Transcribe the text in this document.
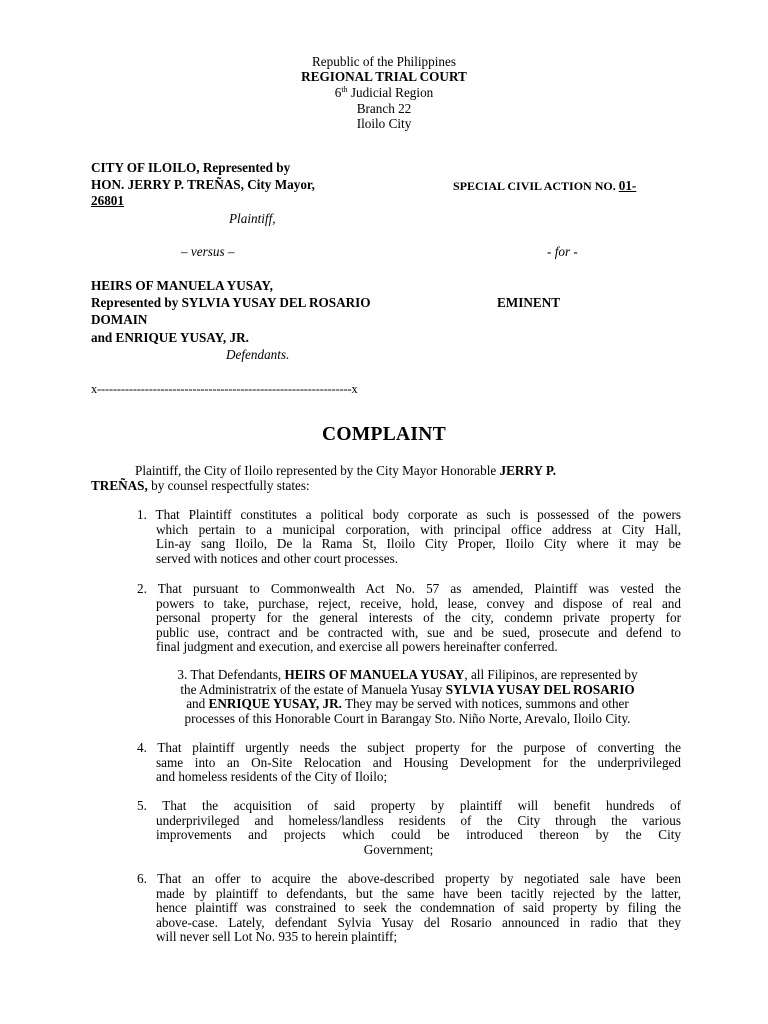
Republic of the Philippines
REGIONAL TRIAL COURT
6th Judicial Region
Branch 22
Iloilo City
CITY OF ILOILO, Represented by
HON. JERRY P. TREÑAS, City Mayor,	SPECIAL CIVIL ACTION NO. 01-
26801
Plaintiff,
– versus –	- for -
HEIRS OF MANUELA YUSAY,
Represented by SYLVIA YUSAY DEL ROSARIO	EMINENT
DOMAIN
and ENRIQUE YUSAY, JR.
Defendants.
x----------------------------------------------------------------x
COMPLAINT
Plaintiff, the City of Iloilo represented by the City Mayor Honorable JERRY P.
TREÑAS, by counsel respectfully states:
1. That Plaintiff constitutes a political body corporate as such is possessed of the powers
which pertain to a municipal corporation, with principal office address at City Hall,
Lin-ay sang Iloilo, De la Rama St, Iloilo City Proper, Iloilo City where it may be
served with notices and other court processes.
2. That pursuant to Commonwealth Act No. 57 as amended, Plaintiff was vested the
powers to take, purchase, reject, receive, hold, lease, convey and dispose of real and
personal property for the general interests of the city, condemn private property for
public use, contract and be contracted with, sue and be sued, prosecute and defend to
final judgment and execution, and exercise all powers hereinafter conferred.
3. That Defendants, HEIRS OF MANUELA YUSAY, all Filipinos, are represented by
the Administratrix of the estate of Manuela Yusay SYLVIA YUSAY DEL ROSARIO
and ENRIQUE YUSAY, JR. They may be served with notices, summons and other
processes of this Honorable Court in Barangay Sto. Niño Norte, Arevalo, Iloilo City.
4. That plaintiff urgently needs the subject property for the purpose of converting the
same into an On-Site Relocation and Housing Development for the underprivileged
and homeless residents of the City of Iloilo;
5. That the acquisition of said property by plaintiff will benefit hundreds of
underprivileged and homeless/landless residents of the City through the various
improvements and projects which could be introduced thereon by the City
Government;
6. That an offer to acquire the above-described property by negotiated sale have been
made by plaintiff to defendants, but the same have been tacitly rejected by the latter,
hence plaintiff was constrained to seek the condemnation of said property by filing the
above-case. Lately, defendant Sylvia Yusay del Rosario announced in radio that they
will never sell Lot No. 935 to herein plaintiff;
